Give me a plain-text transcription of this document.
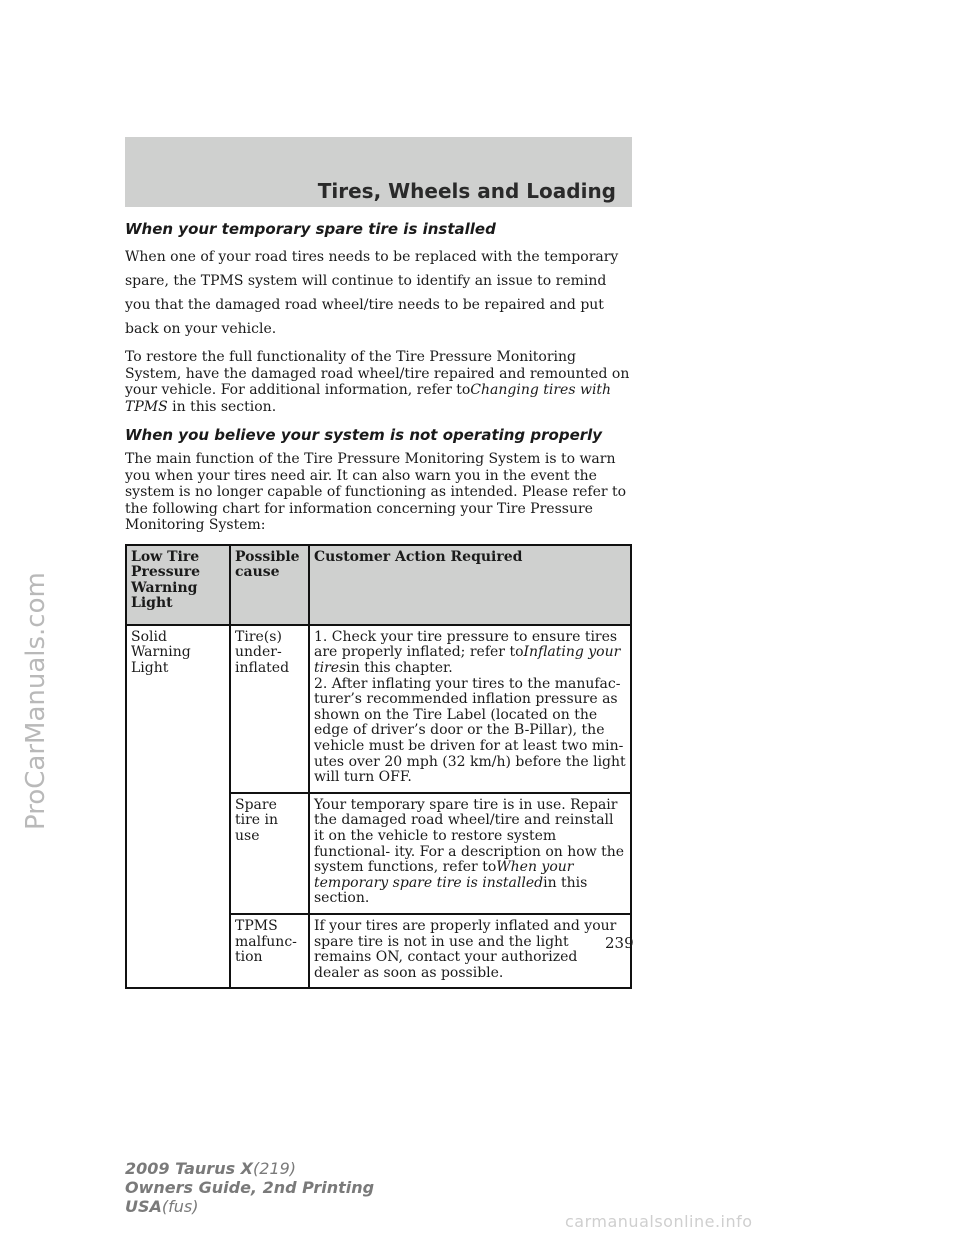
ProCarManuals.com
Tires, Wheels and Loading
When your temporary spare tire is installed

When one of your road tires needs to be replaced with the temporary spare, the TPMS system will continue to identify an issue to remind you that the damaged road wheel/tire needs to be repaired and put back on your vehicle.

To restore the full functionality of the Tire Pressure Monitoring System, have the damaged road wheel/tire repaired and remounted on your vehicle. For additional information, refer toChanging tires with TPMS in this section.

When you believe your system is not operating properly

The main function of the Tire Pressure Monitoring System is to warn you when your tires need air. It can also warn you in the event the system is no longer capable of functioning as intended. Please refer to the following chart for information concerning your Tire Pressure Monitoring System:

Low Tire Pressure Warning Light	Possible cause	Customer Action Required
Solid Warning Light	Tire(s) under- inflated	1. Check your tire pressure to ensure tires are properly inflated; refer toInflating your tiresin this chapter.
2. After inflating your tires to the manufac- turer’s recommended inflation pressure as shown on the Tire Label (located on the edge of driver’s door or the B-Pillar), the vehicle must be driven for at least two min- utes over 20 mph (32 km/h) before the light will turn OFF.
	Spare tire in use	Your temporary spare tire is in use. Repair the damaged road wheel/tire and reinstall it on the vehicle to restore system functional- ity. For a description on how the system functions, refer toWhen your temporary spare tire is installedin this section.
	TPMS malfunc- tion	If your tires are properly inflated and your spare tire is not in use and the light remains ON, contact your authorized dealer as soon as possible.
239
2009 Taurus X(219)
Owners Guide, 2nd Printing
USA(fus)
carmanualsonline.info
